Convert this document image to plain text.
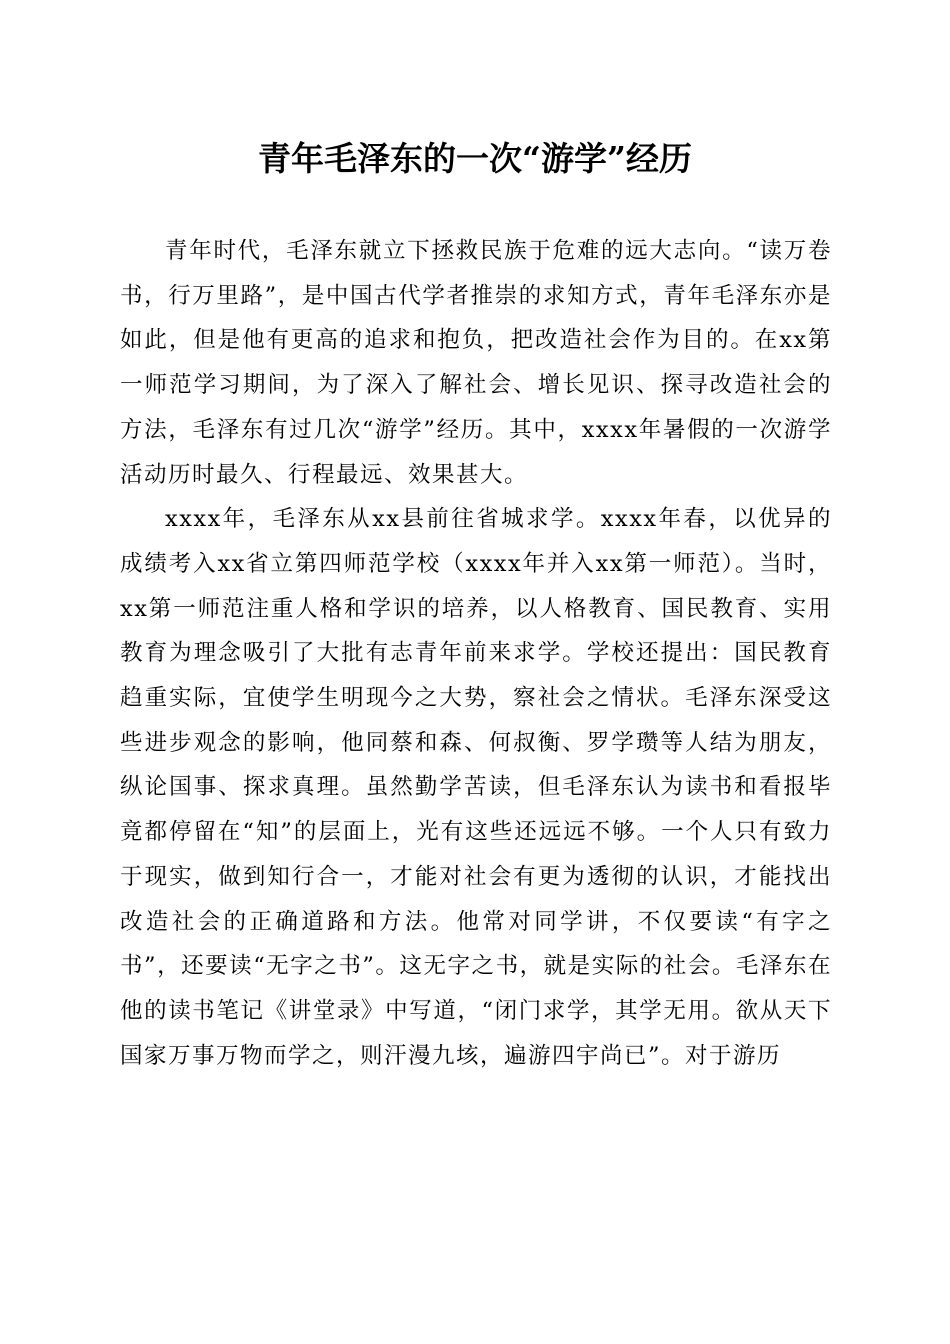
青年毛泽东的一次“游学”经历

青年时代，毛泽东就立下拯救民族于危难的远大志向。“读万卷书，行万里路”，是中国古代学者推崇的求知方式，青年毛泽东亦是如此，但是他有更高的追求和抱负，把改造社会作为目的。在xx第一师范学习期间，为了深入了解社会、增长见识、探寻改造社会的方法，毛泽东有过几次“游学”经历。其中，xxxx年暑假的一次游学活动历时最久、行程最远、效果甚大。

xxxx年，毛泽东从xx县前往省城求学。xxxx年春，以优异的成绩考入xx省立第四师范学校（xxxx年并入xx第一师范）。当时，xx第一师范注重人格和学识的培养，以人格教育、国民教育、实用教育为理念吸引了大批有志青年前来求学。学校还提出：国民教育趋重实际，宜使学生明现今之大势，察社会之情状。毛泽东深受这些进步观念的影响，他同蔡和森、何叔衡、罗学瓒等人结为朋友，纵论国事、探求真理。虽然勤学苦读，但毛泽东认为读书和看报毕竟都停留在“知”的层面上，光有这些还远远不够。一个人只有致力于现实，做到知行合一，才能对社会有更为透彻的认识，才能找出改造社会的正确道路和方法。他常对同学讲，不仅要读“有字之书”，还要读“无字之书”。这无字之书，就是实际的社会。毛泽东在他的读书笔记《讲堂录》中写道，“闭门求学，其学无用。欲从天下国家万事万物而学之，则汗漫九垓，遍游四宇尚已”。对于游历
